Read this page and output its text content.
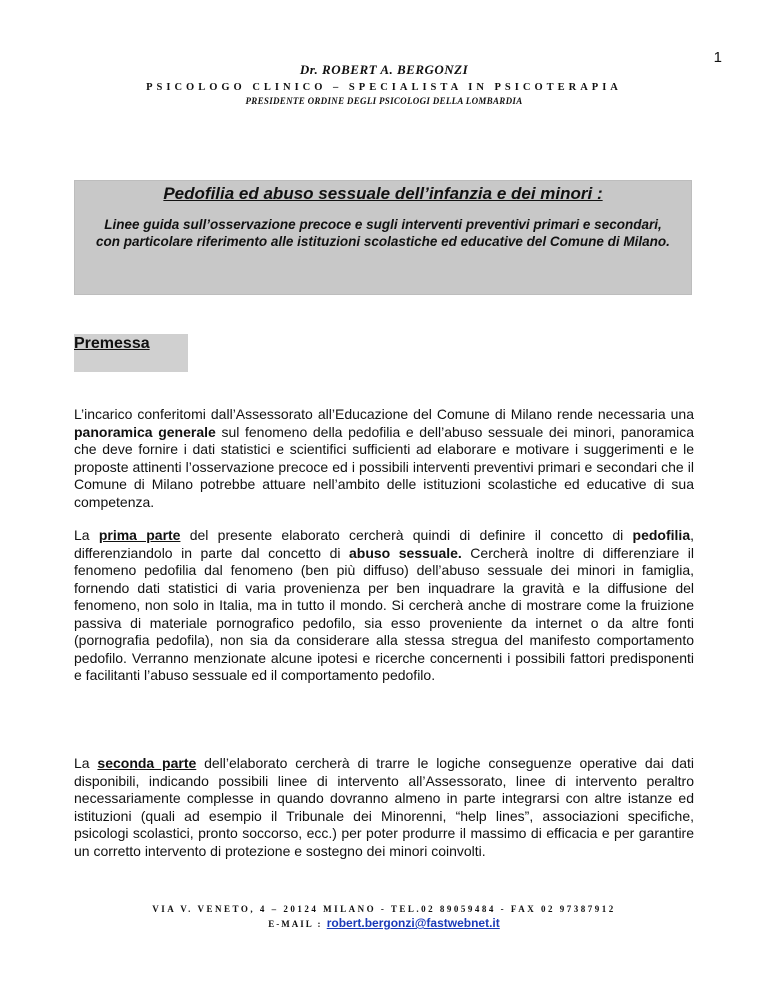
1
Dr. ROBERT A. BERGONZI
PSICOLOGO CLINICO – SPECIALISTA IN PSICOTERAPIA
PRESIDENTE ORDINE DEGLI PSICOLOGI DELLA LOMBARDIA
Pedofilia ed abuso sessuale dell’infanzia e dei minori :
Linee guida sull’osservazione precoce e sugli interventi preventivi primari e secondari, con particolare riferimento alle istituzioni scolastiche ed educative del Comune di Milano.
Premessa

L’incarico conferitomi dall’Assessorato all’Educazione del Comune di Milano rende necessaria una panoramica generale sul fenomeno della pedofilia e dell’abuso sessuale dei minori, panoramica che deve fornire i dati statistici e scientifici sufficienti ad elaborare e motivare i suggerimenti e le proposte attinenti l’osservazione precoce ed i possibili interventi preventivi primari e secondari che il Comune di Milano potrebbe attuare nell’ambito delle istituzioni scolastiche ed educative di sua competenza.

La prima parte del presente elaborato cercherà quindi di definire il concetto di pedofilia, differenziandolo in parte dal concetto di abuso sessuale. Cercherà inoltre di differenziare il fenomeno pedofilia dal fenomeno (ben più diffuso) dell’abuso sessuale dei minori in famiglia, fornendo dati statistici di varia provenienza per ben inquadrare la gravità e la diffusione del fenomeno, non solo in Italia, ma in tutto il mondo. Si cercherà anche di mostrare come la fruizione passiva di materiale pornografico pedofilo, sia esso proveniente da internet o da altre fonti (pornografia pedofila), non sia da considerare alla stessa stregua del manifesto comportamento pedofilo. Verranno menzionate alcune ipotesi e ricerche concernenti i possibili fattori predisponenti e facilitanti l’abuso sessuale ed il comportamento pedofilo.

La seconda parte dell’elaborato cercherà di trarre le logiche conseguenze operative dai dati disponibili, indicando possibili linee di intervento all’Assessorato, linee di intervento peraltro necessariamente complesse in quando dovranno almeno in parte integrarsi con altre istanze ed istituzioni (quali ad esempio il Tribunale dei Minorenni, “help lines”, associazioni specifiche, psicologi scolastici, pronto soccorso, ecc.) per poter produrre il massimo di efficacia e per garantire un corretto intervento di protezione e sostegno dei minori coinvolti.

VIA V. VENETO, 4 – 20124 MILANO - TEL.02 89059484 - FAX 02 97387912
E-MAIL : robert.bergonzi@fastwebnet.it
